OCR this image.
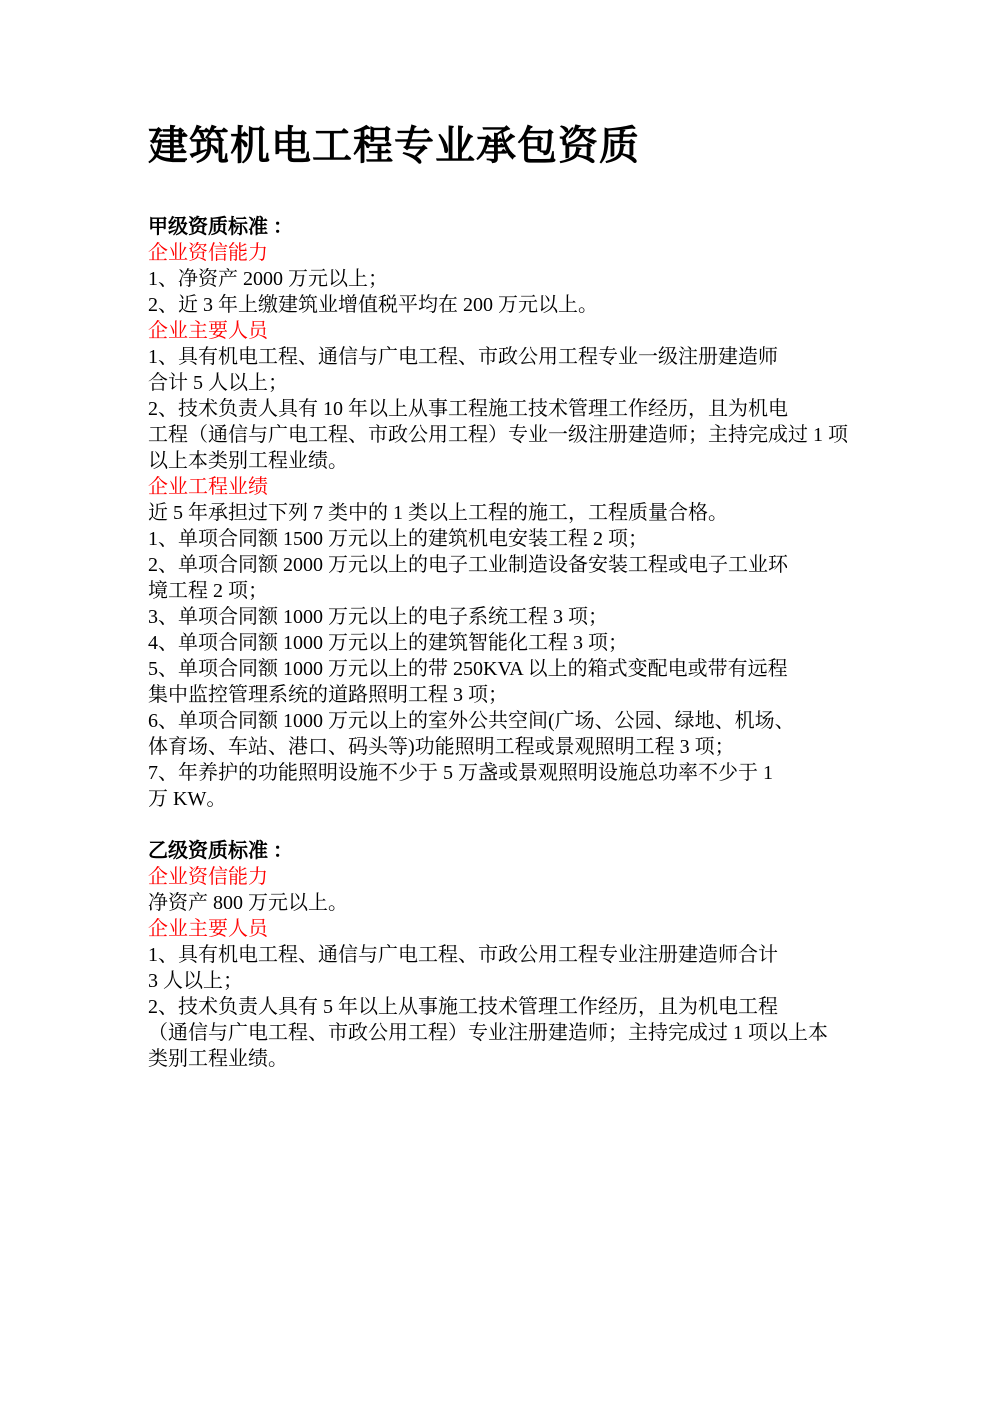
建筑机电工程专业承包资质
甲级资质标准 ：
企业资信能力
1、净资产 2000 万元以上；
2、近 3 年上缴建筑业增值税平均在 200 万元以上。
企业主要人员
1、具有机电工程、通信与广电工程、市政公用工程专业一级注册建造师
合计 5 人以上；
2、技术负责人具有 10 年以上从事工程施工技术管理工作经历，且为机电
工程（通信与广电工程、市政公用工程）专业一级注册建造师；主持完成过 1 项
以上本类别工程业绩。
企业工程业绩
近 5 年承担过下列 7 类中的 1 类以上工程的施工，工程质量合格。
1、单项合同额 1500 万元以上的建筑机电安装工程 2 项；
2、单项合同额 2000 万元以上的电子工业制造设备安装工程或电子工业环
境工程 2 项；
3、单项合同额 1000 万元以上的电子系统工程 3 项；
4、单项合同额 1000 万元以上的建筑智能化工程 3 项；
5、单项合同额 1000 万元以上的带 250KVA 以上的箱式变配电或带有远程
集中监控管理系统的道路照明工程 3 项；
6、单项合同额 1000 万元以上的室外公共空间(广场、公园、绿地、机场、
体育场、车站、港口、码头等)功能照明工程或景观照明工程 3 项；
7、年养护的功能照明设施不少于 5 万盏或景观照明设施总功率不少于 1
万 KW。
乙级资质标准 ：
企业资信能力
净资产 800 万元以上。
企业主要人员
1、具有机电工程、通信与广电工程、市政公用工程专业注册建造师合计
3 人以上；
2、技术负责人具有 5 年以上从事施工技术管理工作经历，且为机电工程
（通信与广电工程、市政公用工程）专业注册建造师；主持完成过 1 项以上本
类别工程业绩。
